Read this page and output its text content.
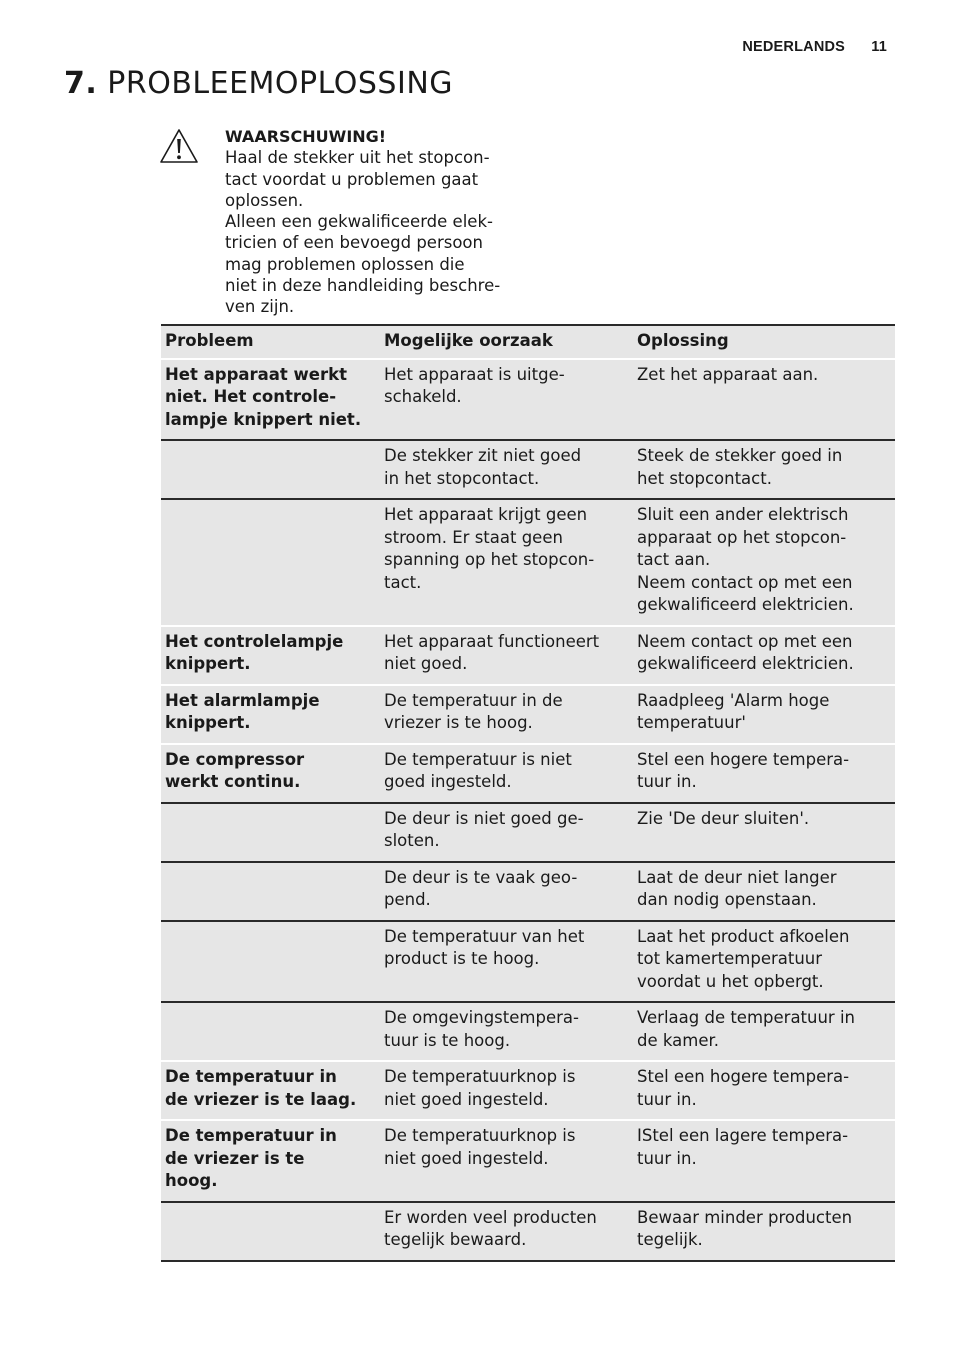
NEDERLANDS 11
7. PROBLEEMOPLOSSING
WAARSCHUWING!
Haal de stekker uit het stopcon-
tact voordat u problemen gaat
oplossen.
Alleen een gekwalificeerde elek-
tricien of een bevoegd persoon
mag problemen oplossen die
niet in deze handleiding beschre-
ven zijn.
Probleem	Mogelijke oorzaak	Oplossing

Het apparaat werkt
niet. Het controle-
lampje knippert niet.	Het apparaat is uitge-
schakeld.	Zet het apparaat aan.

	De stekker zit niet goed
in het stopcontact.	Steek de stekker goed in
het stopcontact.

	Het apparaat krijgt geen
stroom. Er staat geen
spanning op het stopcon-
tact.	Sluit een ander elektrisch
apparaat op het stopcon-
tact aan.
Neem contact op met een
gekwalificeerd elektricien.

Het controlelampje
knippert.	Het apparaat functioneert
niet goed.	Neem contact op met een
gekwalificeerd elektricien.

Het alarmlampje
knippert.	De temperatuur in de
vriezer is te hoog.	Raadpleeg 'Alarm hoge
temperatuur'

De compressor
werkt continu.	De temperatuur is niet
goed ingesteld.	Stel een hogere tempera-
tuur in.

	De deur is niet goed ge-
sloten.	Zie 'De deur sluiten'.

	De deur is te vaak geo-
pend.	Laat de deur niet langer
dan nodig openstaan.

	De temperatuur van het
product is te hoog.	Laat het product afkoelen
tot kamertemperatuur
voordat u het opbergt.

	De omgevingstempera-
tuur is te hoog.	Verlaag de temperatuur in
de kamer.

De temperatuur in
de vriezer is te laag.	De temperatuurknop is
niet goed ingesteld.	Stel een hogere tempera-
tuur in.

De temperatuur in
de vriezer is te
hoog.	De temperatuurknop is
niet goed ingesteld.	IStel een lagere tempera-
tuur in.

	Er worden veel producten
tegelijk bewaard.	Bewaar minder producten
tegelijk.
